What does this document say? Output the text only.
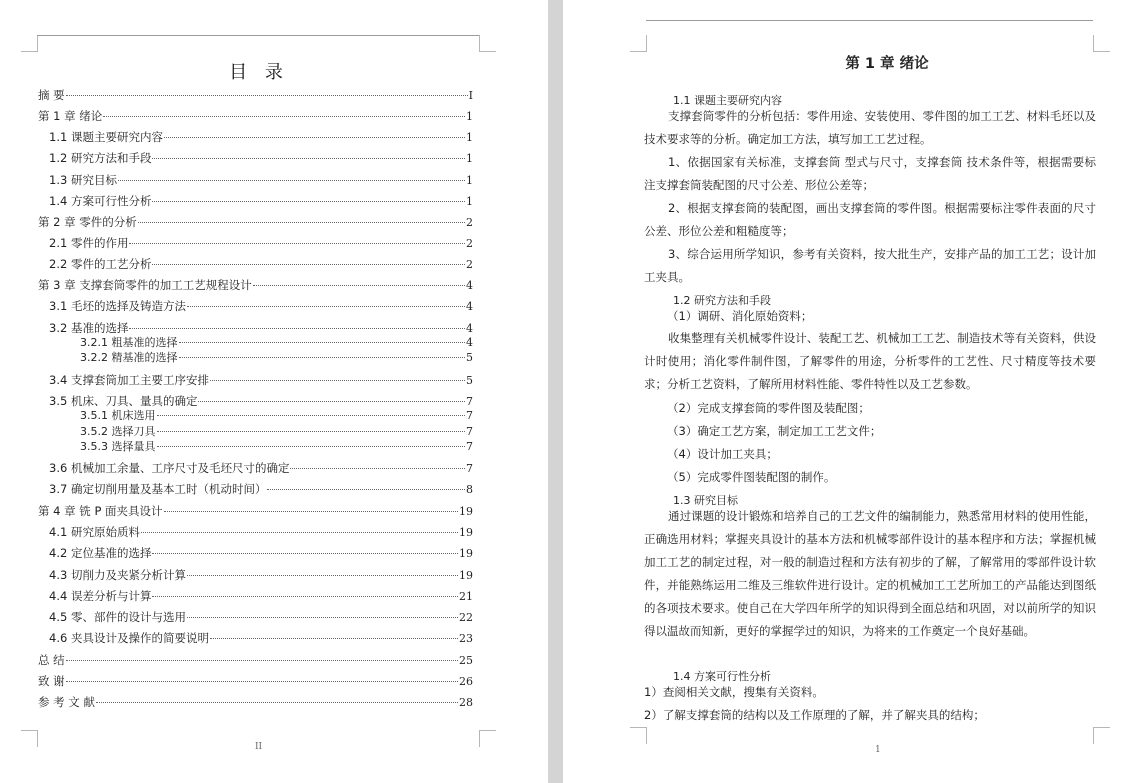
目 录
摘 要	I
第 1 章 绪论	1
1.1 课题主要研究内容	1
1.2 研究方法和手段	1
1.3 研究目标	1
1.4 方案可行性分析	1
第 2 章 零件的分析	2
2.1 零件的作用	2
2.2 零件的工艺分析	2
第 3 章 支撑套筒零件的加工工艺规程设计	4
3.1 毛坯的选择及铸造方法	4
3.2 基准的选择	4
3.2.1 粗基准的选择	4
3.2.2 精基准的选择	5
3.4 支撑套筒加工主要工序安排	5
3.5 机床、刀具、量具的确定	7
3.5.1 机床选用	7
3.5.2 选择刀具	7
3.5.3 选择量具	7
3.6 机械加工余量、工序尺寸及毛坯尺寸的确定	7
3.7 确定切削用量及基本工时（机动时间）	8
第 4 章 铣 P 面夹具设计	19
4.1 研究原始质料	19
4.2 定位基准的选择	19
4.3 切削力及夹紧分析计算	19
4.4 误差分析与计算	21
4.5 零、部件的设计与选用	22
4.6 夹具设计及操作的简要说明	23
总 结	25
致 谢	26
参 考 文 献	28
II
第 1 章 绪论
1.1 课题主要研究内容
支撑套筒零件的分析包括：零件用途、安装使用、零件图的加工工艺、材料毛坯以及技术要求等的分析。确定加工方法，填写加工工艺过程。
1、依据国家有关标准，支撑套筒 型式与尺寸，支撑套筒 技术条件等，根据需要标注支撑套筒装配图的尺寸公差、形位公差等；
2、根据支撑套筒的装配图，画出支撑套筒的零件图。根据需要标注零件表面的尺寸公差、形位公差和粗糙度等；
3、综合运用所学知识，参考有关资料，按大批生产，安排产品的加工工艺；设计加工夹具。
1.2 研究方法和手段
（1）调研、消化原始资料；
收集整理有关机械零件设计、装配工艺、机械加工工艺、制造技术等有关资料，供设计时使用；消化零件制件图，了解零件的用途，分析零件的工艺性、尺寸精度等技术要求；分析工艺资料，了解所用材料性能、零件特性以及工艺参数。
（2）完成支撑套筒的零件图及装配图；
（3）确定工艺方案，制定加工工艺文件；
（4）设计加工夹具；
（5）完成零件图装配图的制作。
1.3 研究目标
通过课题的设计锻炼和培养自己的工艺文件的编制能力，熟悉常用材料的使用性能，正确选用材料；掌握夹具设计的基本方法和机械零部件设计的基本程序和方法；掌握机械加工工艺的制定过程，对一般的制造过程和方法有初步的了解，了解常用的零部件设计软件，并能熟练运用二维及三维软件进行设计。定的机械加工工艺所加工的产品能达到图纸的各项技术要求。使自己在大学四年所学的知识得到全面总结和巩固，对以前所学的知识得以温故而知新，更好的掌握学过的知识，为将来的工作奠定一个良好基础。
1.4 方案可行性分析
1）查阅相关文献，搜集有关资料。
2）了解支撑套筒的结构以及工作原理的了解，并了解夹具的结构；
1
